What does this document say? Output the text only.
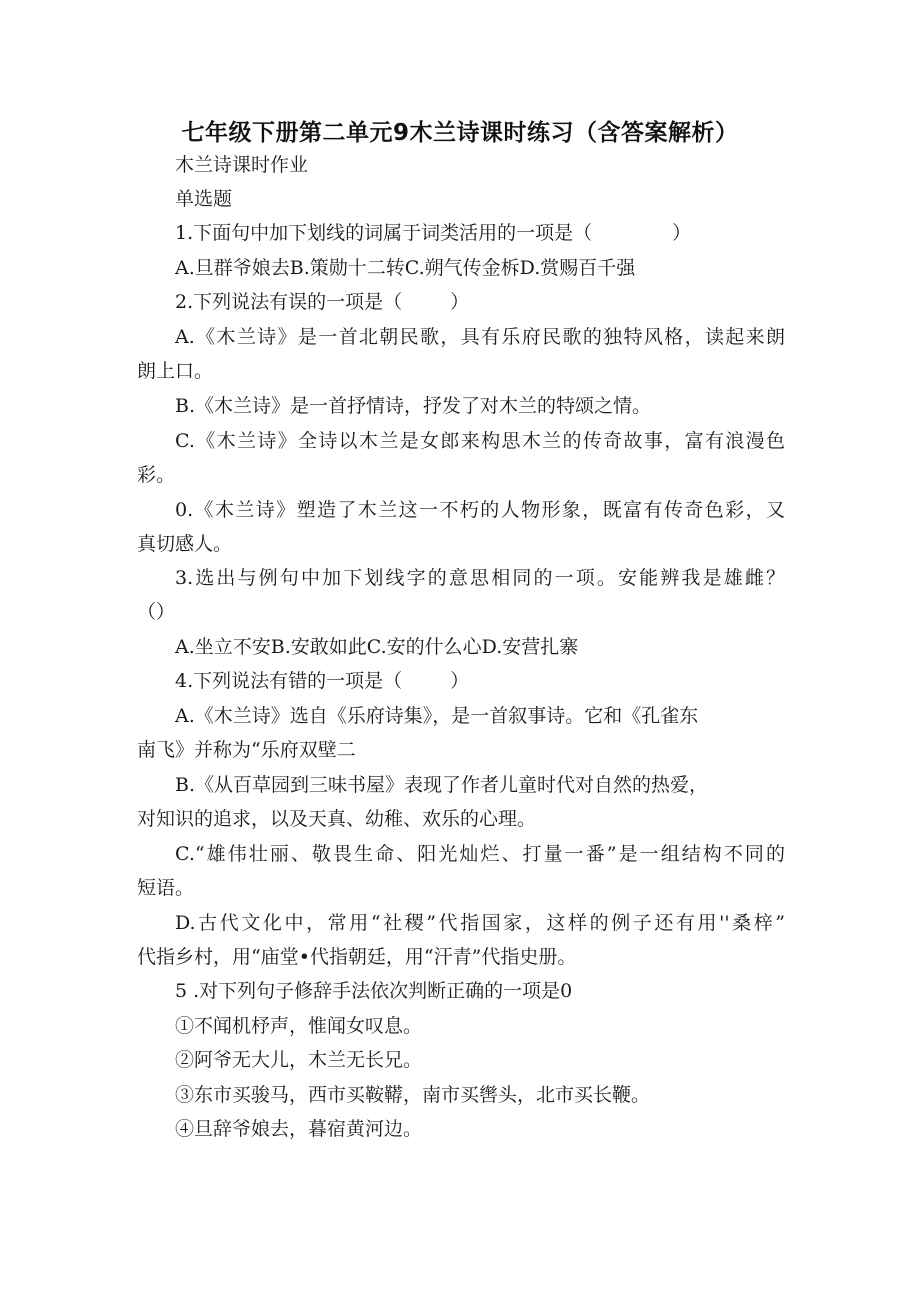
七年级下册第二单元9木兰诗课时练习（含答案解析）
木兰诗课时作业
单选题
1.下面句中加下划线的词属于词类活用的一项是（	）
A.旦群爷娘去B.策勋十二转C.朔气传金柝D.赏赐百千强
2.下列说法有误的一项是（	）
A.《木兰诗》是一首北朝民歌，具有乐府民歌的独特风格，读起来朗
朗上口。
B.《木兰诗》是一首抒情诗，抒发了对木兰的特颂之情。
C.《木兰诗》全诗以木兰是女郎来构思木兰的传奇故事，富有浪漫色
彩。
0.《木兰诗》塑造了木兰这一不朽的人物形象，既富有传奇色彩，又
真切感人。
3.选出与例句中加下划线字的意思相同的一项。安能辨我是雄雌？
（）
A.坐立不安B.安敢如此C.安的什么心D.安营扎寨
4.下列说法有错的一项是（	）
A.《木兰诗》选自《乐府诗集》，是一首叙事诗。它和《孔雀东
南飞》并称为“乐府双壁二
B.《从百草园到三味书屋》表现了作者儿童时代对自然的热爱，
对知识的追求，以及天真、幼稚、欢乐的心理。
C.“雄伟壮丽、敬畏生命、阳光灿烂、打量一番”是一组结构不同的
短语。
D.古代文化中，常用“社稷”代指国家，这样的例子还有用''桑梓”
代指乡村，用“庙堂•代指朝廷，用“汗青”代指史册。
5 .对下列句子修辞手法依次判断正确的一项是0
①不闻机杼声，惟闻女叹息。
②阿爷无大儿，木兰无长兄。
③东市买骏马，西市买鞍鞯，南市买辔头，北市买长鞭。
④旦辞爷娘去，暮宿黄河边。
